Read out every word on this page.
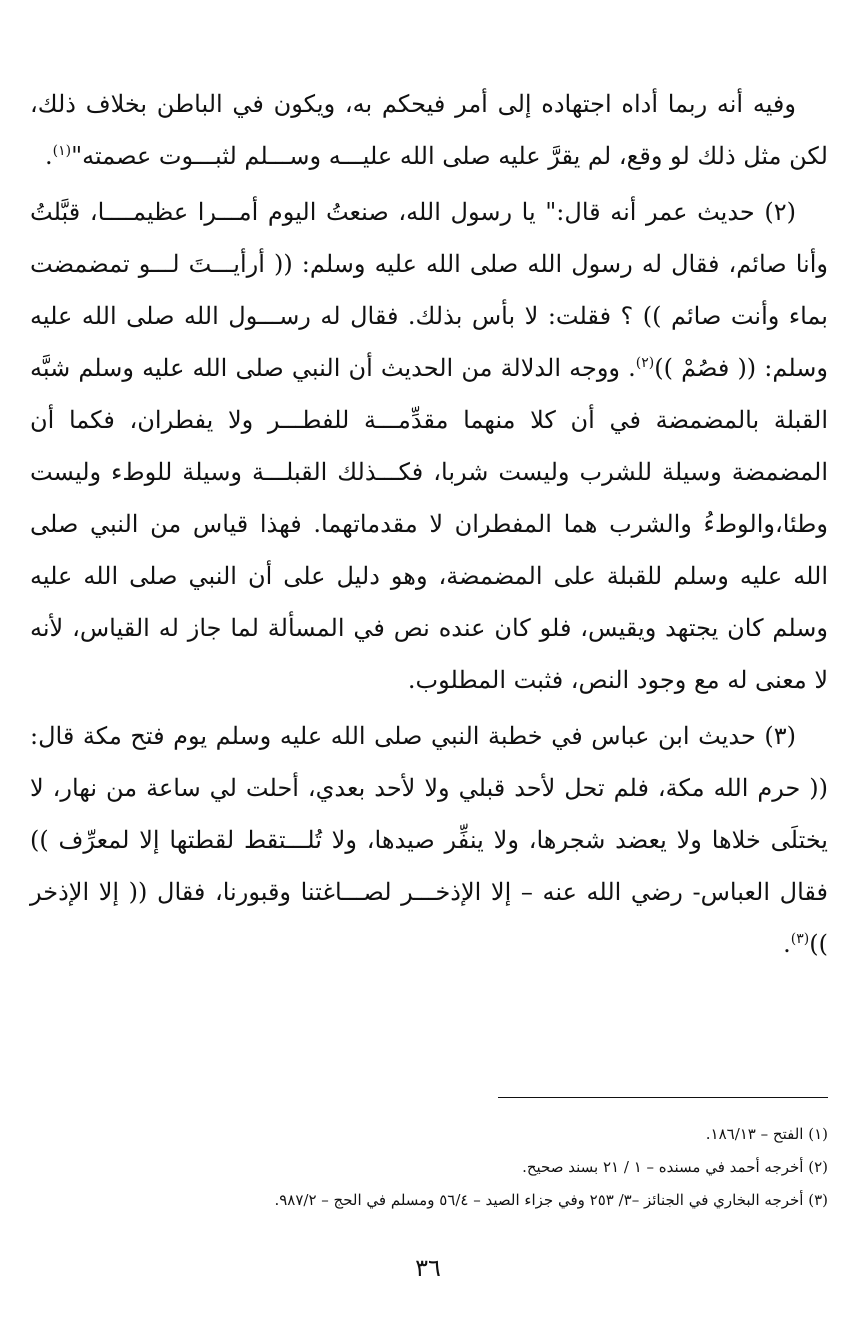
وفيه أنه ربما أداه اجتهاده إلى أمر فيحكم به، ويكون في الباطن بخلاف ذلك، لكن مثل ذلك لو وقع، لم يقرَّ عليه صلى الله عليـــه وســـلم لثبـــوت عصمته"$^{(١)}$.

(٢) حديث عمر أنه قال:" يا رسول الله، صنعتُ اليوم أمـــرا عظيمــــا، قبَّلتُ وأنا صائم، فقال له رسول الله صلى الله عليه وسلم: (( أرأيـــتَ لـــو تمضمضت بماء وأنت صائم )) ؟ فقلت: لا بأس بذلك. فقال له رســـول الله صلى الله عليه وسلم: (( فصُمْ ))$^{(٢)}$. ووجه الدلالة من الحديث أن النبي صلى الله عليه وسلم شبَّه القبلة بالمضمضة في أن كلا منهما مقدِّمـــة للفطـــر ولا يفطران، فكما أن المضمضة وسيلة للشرب وليست شربا، فكـــذلك القبلـــة وسيلة للوطء وليست وطئا،والوطءُ والشرب هما المفطران لا مقدماتهما. فهذا قياس من النبي صلى الله عليه وسلم للقبلة على المضمضة، وهو دليل على أن النبي صلى الله عليه وسلم كان يجتهد ويقيس، فلو كان عنده نص في المسألة لما جاز له القياس، لأنه لا معنى له مع وجود النص، فثبت المطلوب.

(٣) حديث ابن عباس في خطبة النبي صلى الله عليه وسلم يوم فتح مكة قال: (( حرم الله مكة، فلم تحل لأحد قبلي ولا لأحد بعدي، أحلت لي ساعة من نهار، لا يختلَى خلاها ولا يعضد شجرها، ولا ينفِّر صيدها، ولا تُلـــتقط لقطتها إلا لمعرِّف )) فقال العباس- رضي الله عنه – إلا الإذخـــر لصـــاغتنا وقبورنا، فقال (( إلا الإذخر ))$^{(٣)}$.

(١) الفتح – ١٨٦/١٣.

(٢) أخرجه أحمد في مسنده – ١ / ٢١ بسند صحيح.

(٣) أخرجه البخاري في الجنائز –٣/ ٢٥٣ وفي جزاء الصيد – ٥٦/٤ ومسلم في الحج – ٩٨٧/٢.

٣٦
